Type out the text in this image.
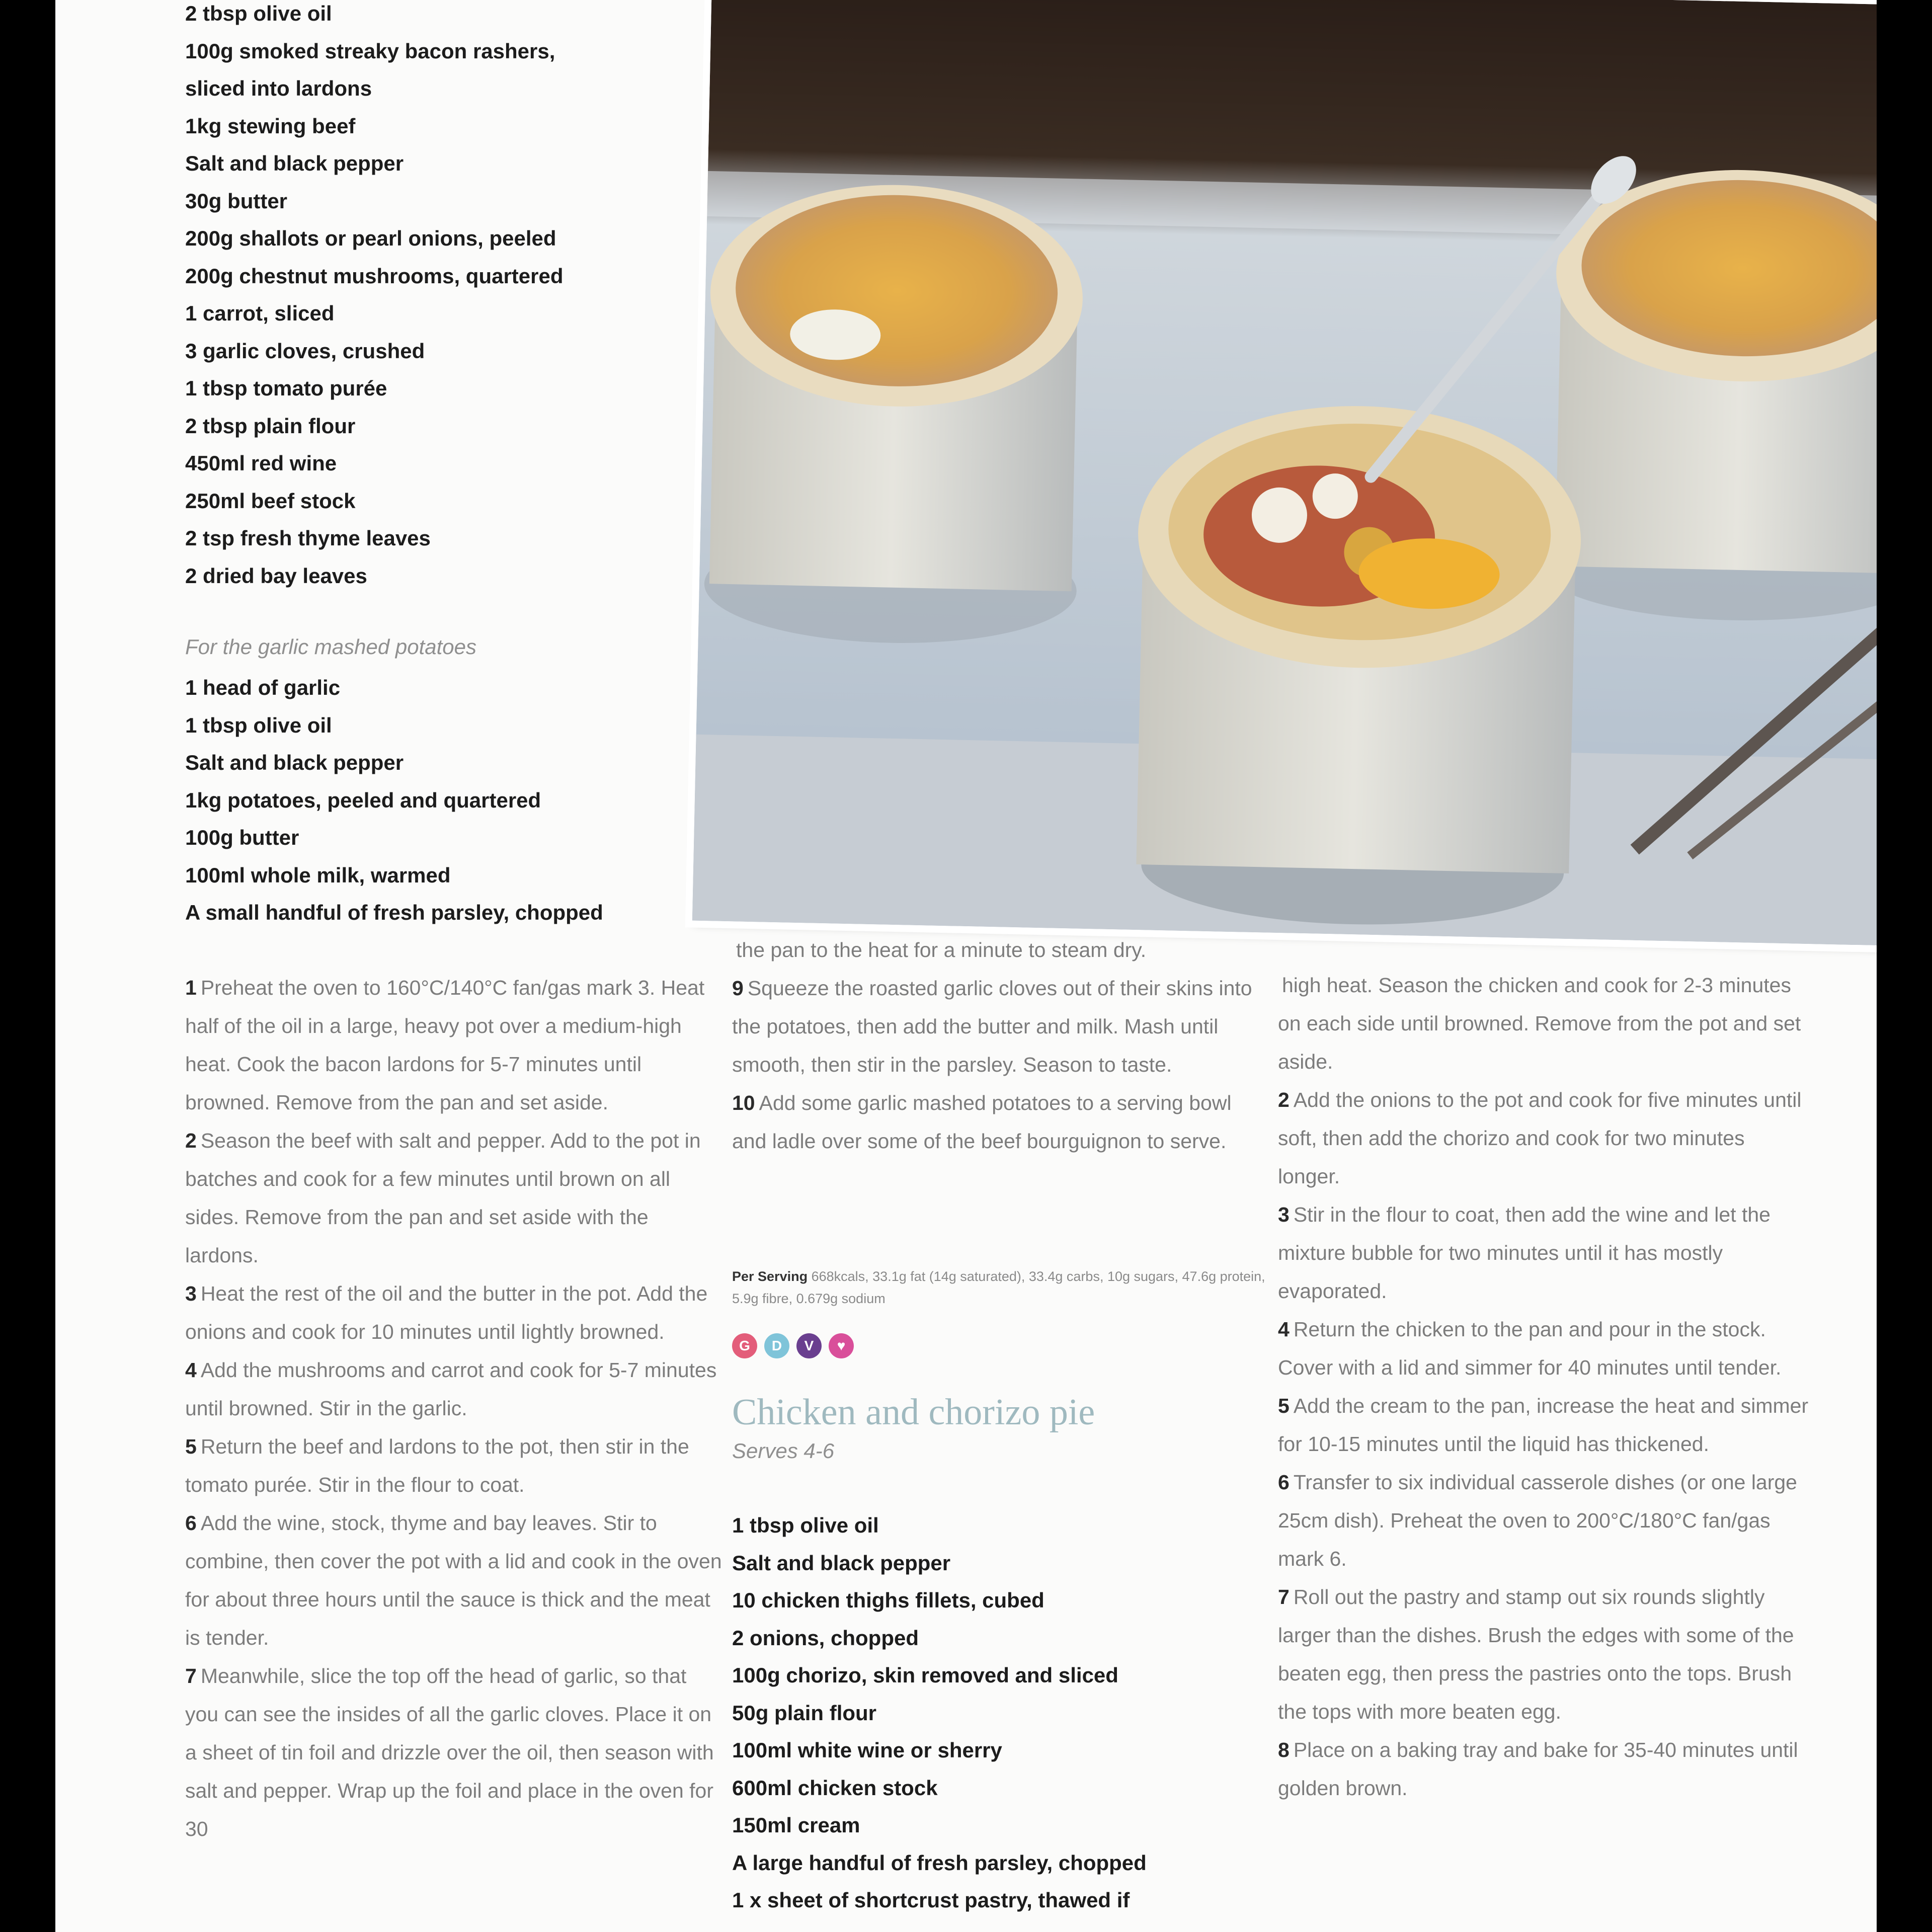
2 tbsp olive oil
100g smoked streaky bacon rashers,
sliced into lardons
1kg stewing beef
Salt and black pepper
30g butter
200g shallots or pearl onions, peeled
200g chestnut mushrooms, quartered
1 carrot, sliced
3 garlic cloves, crushed
1 tbsp tomato purée
2 tbsp plain flour
450ml red wine
250ml beef stock
2 tsp fresh thyme leaves
2 dried bay leaves
For the garlic mashed potatoes
1 head of garlic
1 tbsp olive oil
Salt and black pepper
1kg potatoes, peeled and quartered
100g butter
100ml whole milk, warmed
A small handful of fresh parsley, chopped

1 Preheat the oven to 160°C/140°C fan/gas mark 3. Heat half of the oil in a large, heavy pot over a medium-high heat. Cook the bacon lardons for 5-7 minutes until browned. Remove from the pan and set aside.

2 Season the beef with salt and pepper. Add to the pot in batches and cook for a few minutes until brown on all sides. Remove from the pan and set aside with the lardons.

3 Heat the rest of the oil and the butter in the pot. Add the onions and cook for 10 minutes until lightly browned.

4 Add the mushrooms and carrot and cook for 5-7 minutes until browned. Stir in the garlic.

5 Return the beef and lardons to the pot, then stir in the tomato purée. Stir in the flour to coat.

6 Add the wine, stock, thyme and bay leaves. Stir to combine, then cover the pot with a lid and cook in the oven for about three hours until the sauce is thick and the meat is tender.

7 Meanwhile, slice the top off the head of garlic, so that you can see the insides of all the garlic cloves. Place it on a sheet of tin foil and drizzle over the oil, then season with salt and pepper. Wrap up the foil and place in the oven for 30

the pan to the heat for a minute to steam dry.

9 Squeeze the roasted garlic cloves out of their skins into the potatoes, then add the butter and milk. Mash until smooth, then stir in the parsley. Season to taste.

10 Add some garlic mashed potatoes to a serving bowl and ladle over some of the beef bourguignon to serve.

Per Serving 668kcals, 33.1g fat (14g saturated), 33.4g carbs, 10g sugars, 47.6g protein, 5.9g fibre, 0.679g sodium
G	D	V	♥
Chicken and chorizo pie
Serves 4-6
1 tbsp olive oil
Salt and black pepper
10 chicken thighs fillets, cubed
2 onions, chopped
100g chorizo, skin removed and sliced
50g plain flour
100ml white wine or sherry
600ml chicken stock
150ml cream
A large handful of fresh parsley, chopped
1 x sheet of shortcrust pastry, thawed if

high heat. Season the chicken and cook for 2-3 minutes on each side until browned. Remove from the pot and set aside.

2 Add the onions to the pot and cook for five minutes until soft, then add the chorizo and cook for two minutes longer.

3 Stir in the flour to coat, then add the wine and let the mixture bubble for two minutes until it has mostly evaporated.

4 Return the chicken to the pan and pour in the stock. Cover with a lid and simmer for 40 minutes until tender.

5 Add the cream to the pan, increase the heat and simmer for 10-15 minutes until the liquid has thickened.

6 Transfer to six individual casserole dishes (or one large 25cm dish). Preheat the oven to 200°C/180°C fan/gas mark 6.

7 Roll out the pastry and stamp out six rounds slightly larger than the dishes. Brush the edges with some of the beaten egg, then press the pastries onto the tops. Brush the tops with more beaten egg.

8 Place on a baking tray and bake for 35-40 minutes until golden brown.
